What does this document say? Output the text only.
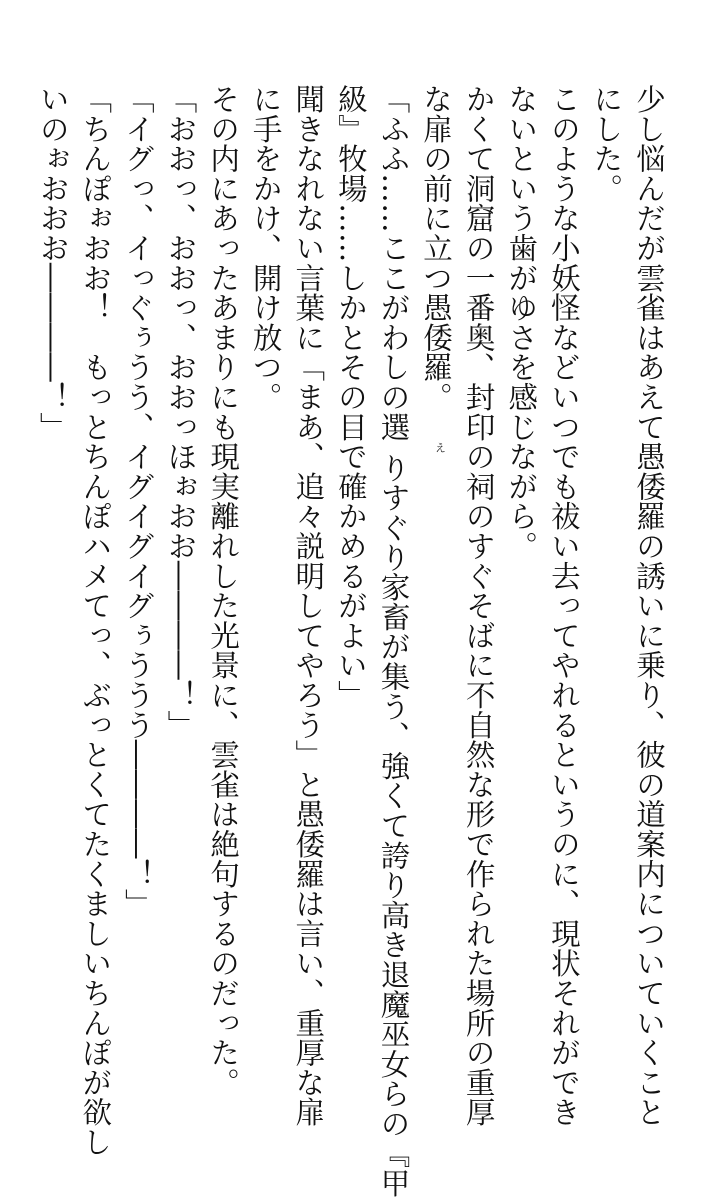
少し悩んだが雲雀はあえて愚倭羅の誘いに乗り、彼の道案内についていくこと
にした。
このような小妖怪などいつでも祓い去ってやれるというのに、現状それができ
ないという歯がゆさを感じながら。
かくて洞窟の一番奥、封印の祠のすぐそばに不自然な形で作られた場所の重厚
な扉の前に立つ愚倭羅。
「ふふ……ここがわしの選えりすぐり家畜が集う、強くて誇り高き退魔巫女らの『甲
級』牧場……しかとその目で確かめるがよい」
聞きなれない言葉に「まあ、追々説明してやろう」と愚倭羅は言い、重厚な扉
に手をかけ、開け放つ。
その内にあったあまりにも現実離れした光景に、雲雀は絶句するのだった。
「おおっ、おおっ、おおっほぉおお――――！」
「イグっ、イっぐぅうう、イグイグイグぅううう――――！」
「ちんぽぉおお！　もっとちんぽハメてっ、ぶっとくてたくましいちんぽが欲し
いのぉおおお――――！」
